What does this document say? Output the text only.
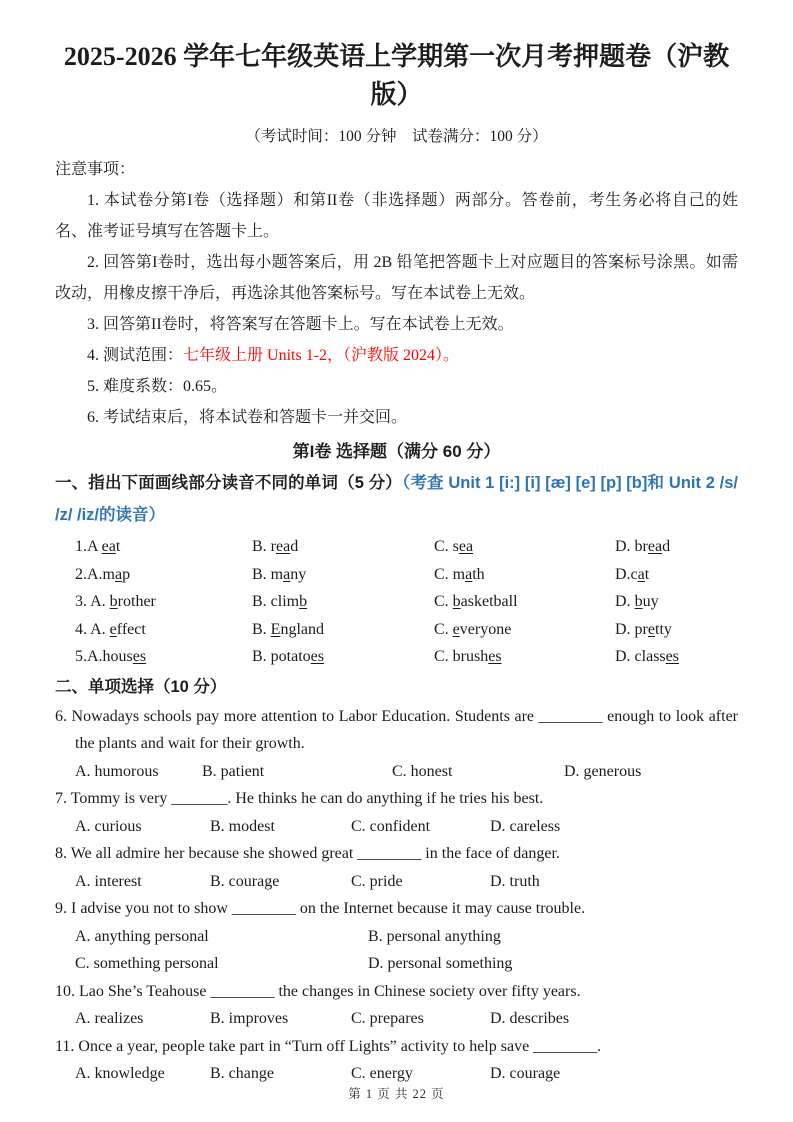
2025-2026 学年七年级英语上学期第一次月考押题卷（沪教版）

（考试时间：100 分钟　试卷满分：100 分）

注意事项：

1. 本试卷分第I卷（选择题）和第II卷（非选择题）两部分。答卷前，考生务必将自己的姓名、准考证号填写在答题卡上。

2. 回答第I卷时，选出每小题答案后，用 2B 铅笔把答题卡上对应题目的答案标号涂黑。如需改动，用橡皮擦干净后，再选涂其他答案标号。写在本试卷上无效。

3. 回答第II卷时，将答案写在答题卡上。写在本试卷上无效。

4. 测试范围：七年级上册 Units 1-2，（沪教版 2024）。

5. 难度系数：0.65。

6. 考试结束后，将本试卷和答题卡一并交回。

第I卷 选择题（满分 60 分）

一、指出下面画线部分读音不同的单词（5 分）（考查 Unit 1 [i:] [i] [æ] [e] [p] [b]和 Unit 2 /s/ /z/ /iz/的读音）

1.A eat	B. read	C. sea	D. bread
2.A.map	B. many	C. math	D.cat
3. A. brother	B. climb	C. basketball	D. buy
4. A. effect	B. England	C. everyone	D. pretty
5.A.houses	B. potatoes	C. brushes	D. classes

二、单项选择（10 分）

6. Nowadays schools pay more attention to Labor Education. Students are ________ enough to look after the plants and wait for their growth.

A. humorous	B. patient	C. honest	D. generous

7. Tommy is very _______. He thinks he can do anything if he tries his best.

A. curious	B. modest	C. confident	D. careless

8. We all admire her because she showed great ________ in the face of danger.

A. interest	B. courage	C. pride	D. truth

9. I advise you not to show ________ on the Internet because it may cause trouble.

A. anything personal	B. personal anything
C. something personal	D. personal something

10. Lao She’s Teahouse ________ the changes in Chinese society over fifty years.

A. realizes	B. improves	C. prepares	D. describes

11. Once a year, people take part in “Turn off Lights” activity to help save ________.

A. knowledge	B. change	C. energy	D. courage
第 1 页 共 22 页
